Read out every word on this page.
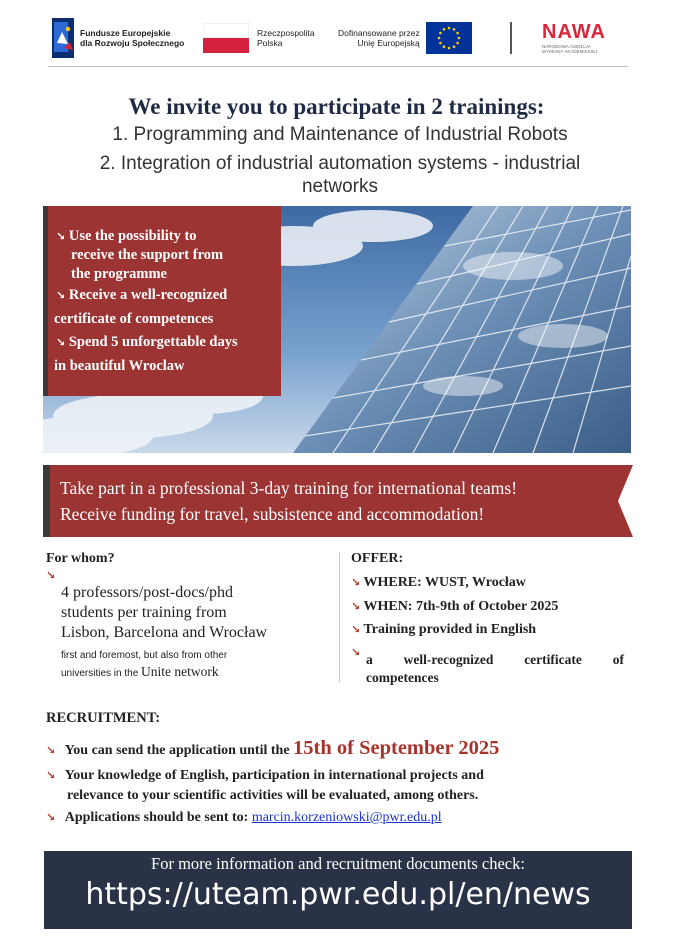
Fundusze Europejskie
dla Rozwoju Społecznego
Rzeczpospolita
Polska
Dofinansowane przez
Unię Europejską	NAWA
NARODOWA AGENCJA
WYMIANY AKADEMICKIEJ
We invite you to participate in 2 trainings:
1. Programming and Maintenance of Industrial Robots
2. Integration of industrial automation systems - industrial
networks
↘ Use the possibility to
receive the support from
the programme
↘ Receive a well-recognized
certificate of competences
↘ Spend 5 unforgettable days
in beautiful Wroclaw
Take part in a professional 3-day training for international teams!
Receive funding for travel, subsistence and accommodation!
For whom?
↘
4 professors/post-docs/phd
students per training from
Lisbon, Barcelona and Wrocław
first and foremost, but also from other
universities in the Unite network
OFFER:
↘ WHERE: WUST, Wrocław
↘ WHEN: 7th-9th of October 2025
↘ Training provided in English
↘ a well-recognized certificate of
competences
RECRUITMENT:
↘ You can send the application until the 15th of September 2025
↘ Your knowledge of English, participation in international projects and
relevance to your scientific activities will be evaluated, among others.
↘ Applications should be sent to: marcin.korzeniowski@pwr.edu.pl
For more information and recruitment documents check:
https://uteam.pwr.edu.pl/en/news
